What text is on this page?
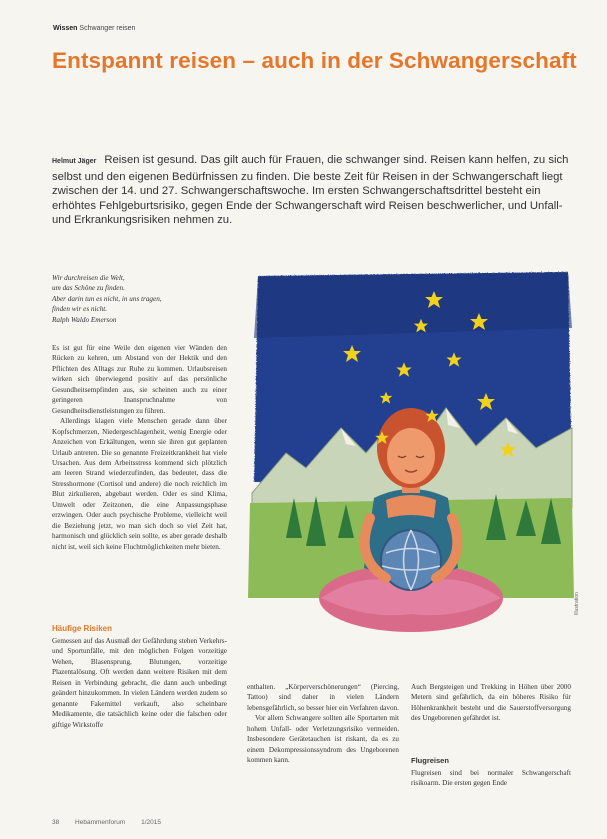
Wissen Schwanger reisen
Entspannt reisen – auch in der Schwangerschaft
Helmut Jäger Reisen ist gesund. Das gilt auch für Frauen, die schwanger sind. Reisen kann helfen, zu sich selbst und den eigenen Bedürfnissen zu finden. Die beste Zeit für Reisen in der Schwangerschaft liegt zwischen der 14. und 27. Schwangerschaftswoche. Im ersten Schwangerschaftsdrittel besteht ein erhöhtes Fehlgeburtsrisiko, gegen Ende der Schwangerschaft wird Reisen beschwerlicher, und Unfall- und Erkrankungsrisiken nehmen zu.
Wir durchreisen die Welt,
um das Schöne zu finden.
Aber darin tun es nicht, in uns tragen,
finden wir es nicht.
Ralph Waldo Emerson

Es ist gut für eine Weile den eigenen vier Wänden den Rücken zu kehren, um Abstand von der Hektik und den Pflichten des Alltags zur Ruhe zu kommen. Urlaubsreisen wirken sich überwiegend positiv auf das persönliche Gesundheitsempfinden aus, sie scheinen auch zu einer geringeren Inanspruchnahme von Gesundheitsdienstleistungen zu führen.

Allerdings klagen viele Menschen gerade dann über Kopfschmerzen, Niedergeschlagenheit, wenig Energie oder Anzeichen von Erkältungen, wenn sie ihren gut geplanten Urlaub antreten. Die so genannte Freizeitkrankheit hat viele Ursachen. Aus dem Arbeitsstress kommend sich plötzlich am leeren Strand wiederzufinden, das bedeutet, dass die Stresshormone (Cortisol und andere) die noch reichlich im Blut zirkulieren, abgebaut werden. Oder es sind Klima, Umwelt oder Zeitzonen, die eine Anpassungsphase erzwingen. Oder auch psychische Probleme, vielleicht weil die Beziehung jetzt, wo man sich doch so viel Zeit hat, harmonisch und glücklich sein sollte, es aber gerade deshalb nicht ist, weil sich keine Fluchtmöglichkeiten mehr bieten.

Häufige Risiken
Gemessen auf das Ausmaß der Gefährdung stehen Verkehrs- und Sportunfälle, mit den möglichen Folgen vorzeitige Wehen, Blasensprung, Blutungen, vorzeitige Plazentalösung. Oft werden dann weitere Risiken mit dem Reisen in Verbindung gebracht, die dann auch unbedingt geändert hinzukommen. In vielen Ländern werden zudem so genannte Fakemittel verkauft, also scheinbare Medikamente, die tatsächlich keine oder die falschen oder giftige Wirkstoffe

enthalten. „Körperverschönerungen“ (Piercing, Tattoo) sind daher in vielen Ländern lebensgefährlich, so besser hier ein Verfahren davon.

Vor allem Schwangere sollten alle Sportarten mit hohem Unfall- oder Verletzungsrisiko vermeiden. Insbesondere Gerätetauchen ist riskant, da es zu einem Dekompressionssyndrom des Ungeborenen kommen kann.

Auch Bergsteigen und Trekking in Höhen über 2000 Metern sind gefährlich, da ein höheres Risiko für Höhenkrankheit besteht und die Sauerstoffversorgung des Ungeborenen gefährdet ist.
Flugreisen
Flugreisen sind bei normaler Schwangerschaft risikoarm. Die ersten gegen Ende
Illustration
38 Hebammenforum 1/2015
